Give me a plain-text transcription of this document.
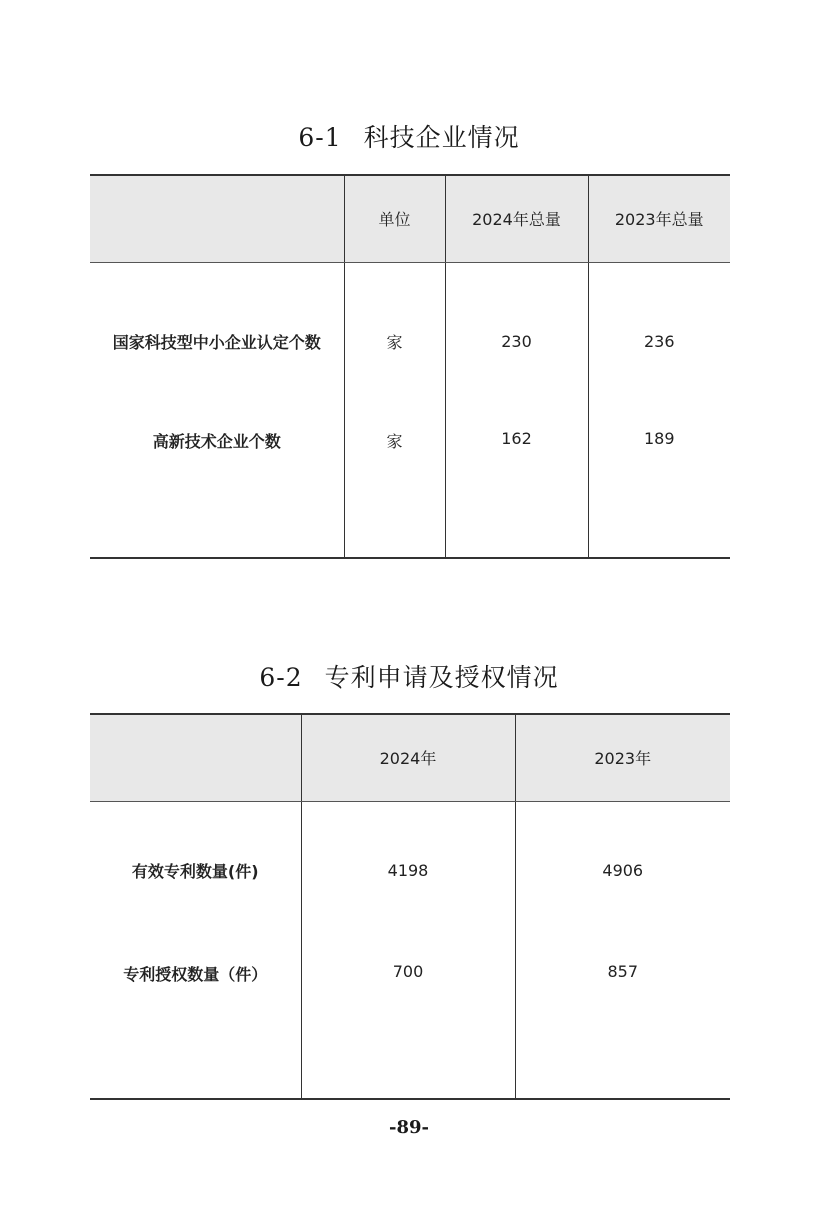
6-1 科技企业情况
	单位	2024年总量	2023年总量
国家科技型中小企业认定个数	家	230	236
高新技术企业个数	家	162	189
6-2 专利申请及授权情况
	2024年	2023年
有效专利数量(件)	4198	4906
专利授权数量（件）	700	857
-89-
